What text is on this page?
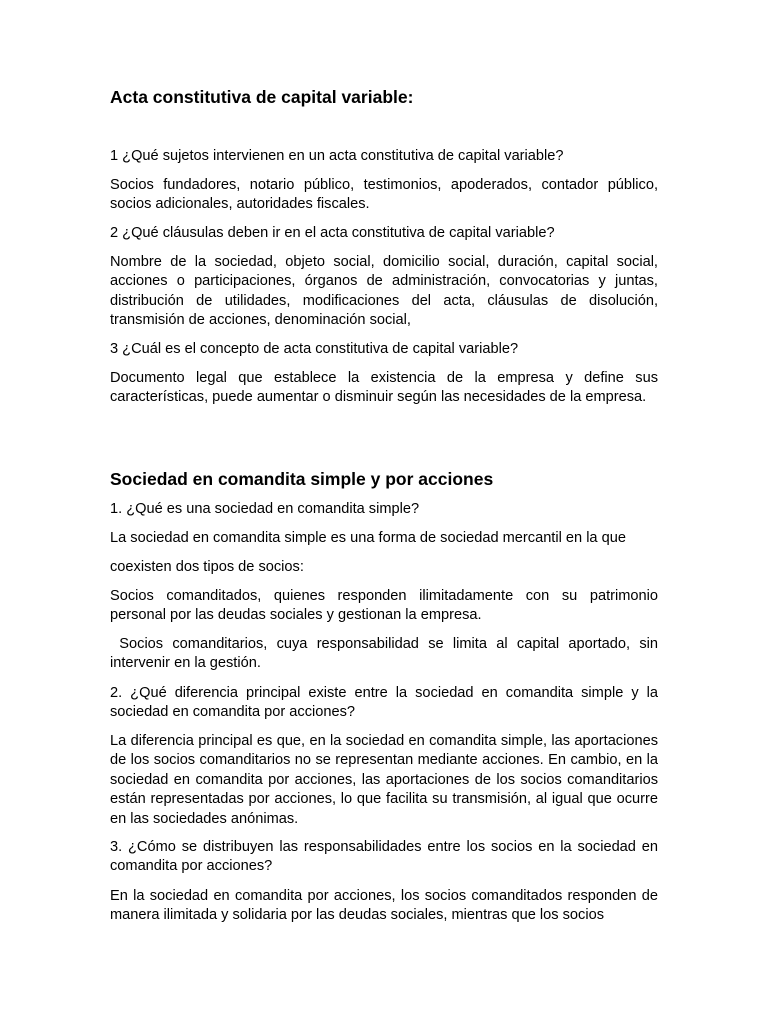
Acta constitutiva de capital variable:

1 ¿Qué sujetos intervienen en un acta constitutiva de capital variable?

Socios fundadores, notario público, testimonios, apoderados, contador público, socios adicionales, autoridades fiscales.

2 ¿Qué cláusulas deben ir en el acta constitutiva de capital variable?

Nombre de la sociedad, objeto social, domicilio social, duración, capital social, acciones o participaciones, órganos de administración, convocatorias y juntas, distribución de utilidades, modificaciones del acta, cláusulas de disolución, transmisión de acciones, denominación social,

3 ¿Cuál es el concepto de acta constitutiva de capital variable?

Documento legal que establece la existencia de la empresa y define sus características, puede aumentar o disminuir según las necesidades de la empresa.

Sociedad en comandita simple y por acciones

1. ¿Qué es una sociedad en comandita simple?

La sociedad en comandita simple es una forma de sociedad mercantil en la que

coexisten dos tipos de socios:

Socios comanditados, quienes responden ilimitadamente con su patrimonio personal por las deudas sociales y gestionan la empresa.

Socios comanditarios, cuya responsabilidad se limita al capital aportado, sin intervenir en la gestión.

2. ¿Qué diferencia principal existe entre la sociedad en comandita simple y la sociedad en comandita por acciones?

La diferencia principal es que, en la sociedad en comandita simple, las aportaciones de los socios comanditarios no se representan mediante acciones. En cambio, en la sociedad en comandita por acciones, las aportaciones de los socios comanditarios están representadas por acciones, lo que facilita su transmisión, al igual que ocurre en las sociedades anónimas.

3. ¿Cómo se distribuyen las responsabilidades entre los socios en la sociedad en comandita por acciones?

En la sociedad en comandita por acciones, los socios comanditados responden de manera ilimitada y solidaria por las deudas sociales, mientras que los socios
